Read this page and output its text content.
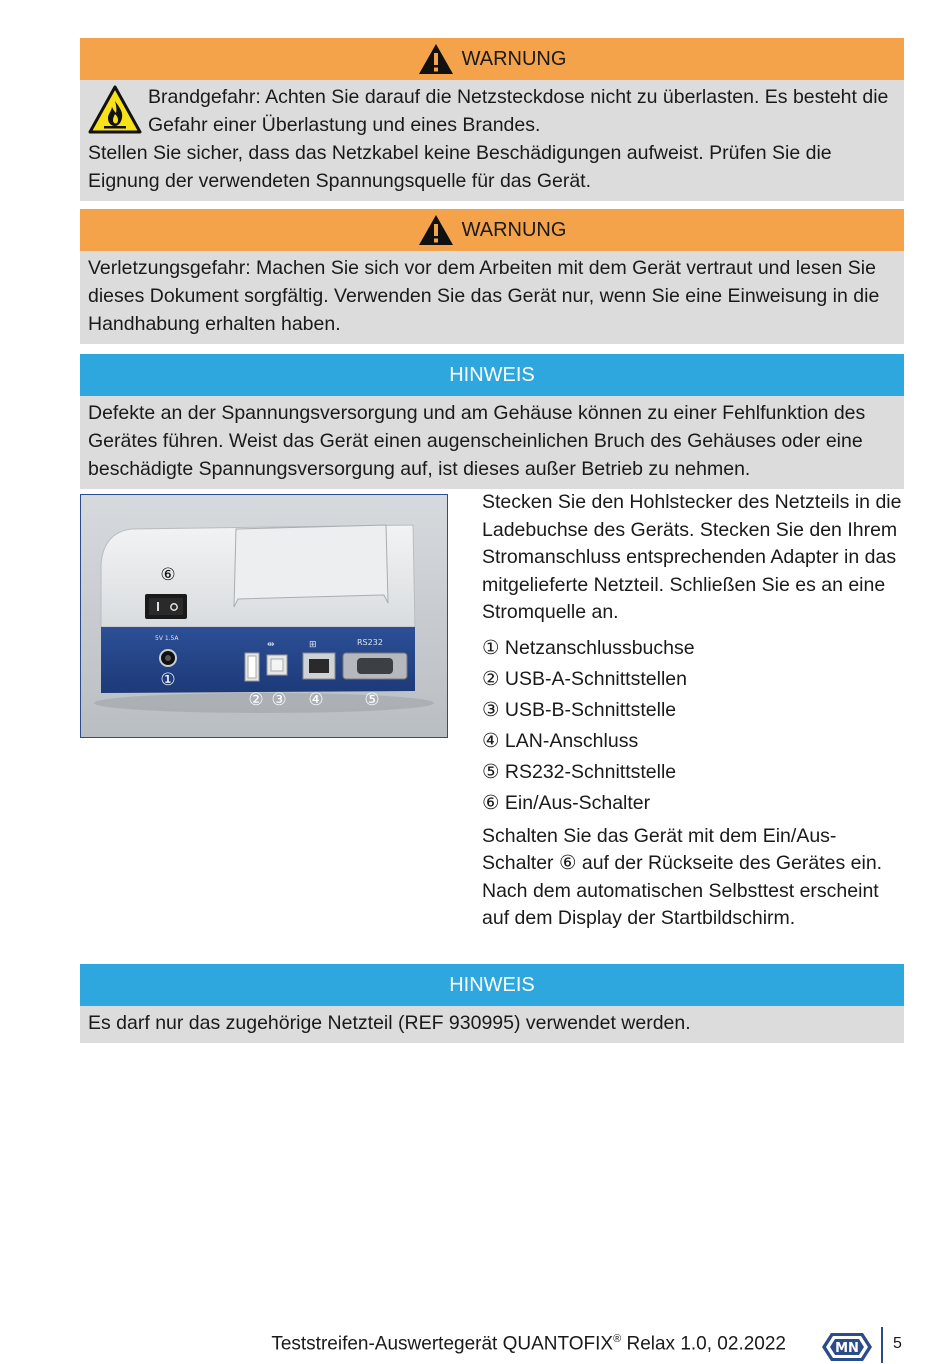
WARNUNG
Brandgefahr: Achten Sie darauf die Netzsteckdose nicht zu überlasten. Es besteht die Gefahr einer Überlastung und eines Brandes.
Stellen Sie sicher, dass das Netzkabel keine Beschädigungen aufweist. Prüfen Sie die Eignung der verwendeten Spannungsquelle für das Gerät.
WARNUNG
Verletzungsgefahr: Machen Sie sich vor dem Arbeiten mit dem Gerät vertraut und lesen Sie dieses Dokument sorgfältig. Verwenden Sie das Gerät nur, wenn Sie eine Einweisung in die Handhabung erhalten haben.
HINWEIS
Defekte an der Spannungsversorgung und am Gehäuse können zu einer Fehlfunktion des Gerätes führen. Weist das Gerät einen augenscheinlichen Bruch des Gehäuses oder eine beschädigte Spannungsversorgung auf, ist dieses außer Betrieb zu nehmen.
⑥
5V 1.5A
①
⇹	⊞	RS232
② ③ ④ ⑤

Stecken Sie den Hohlstecker des Netzteils in die Ladebuchse des Geräts. Stecken Sie den Ihrem Stromanschluss entsprechenden Adapter in das mitgelieferte Netzteil. Schließen Sie es an eine Stromquelle an.

① Netzanschlussbuchse
② USB-A-Schnittstellen
③ USB-B-Schnittstelle
④ LAN-Anschluss
⑤ RS232-Schnittstelle
⑥ Ein/Aus-Schalter

Schalten Sie das Gerät mit dem Ein/Aus-Schalter ⑥ auf der Rückseite des Gerätes ein. Nach dem automatischen Selbsttest erscheint auf dem Display der Startbildschirm.

HINWEIS
Es darf nur das zugehörige Netzteil (REF 930995) verwendet werden.
Teststreifen-Auswertegerät QUANTOFIX® Relax 1.0, 02.2022	MN 5
